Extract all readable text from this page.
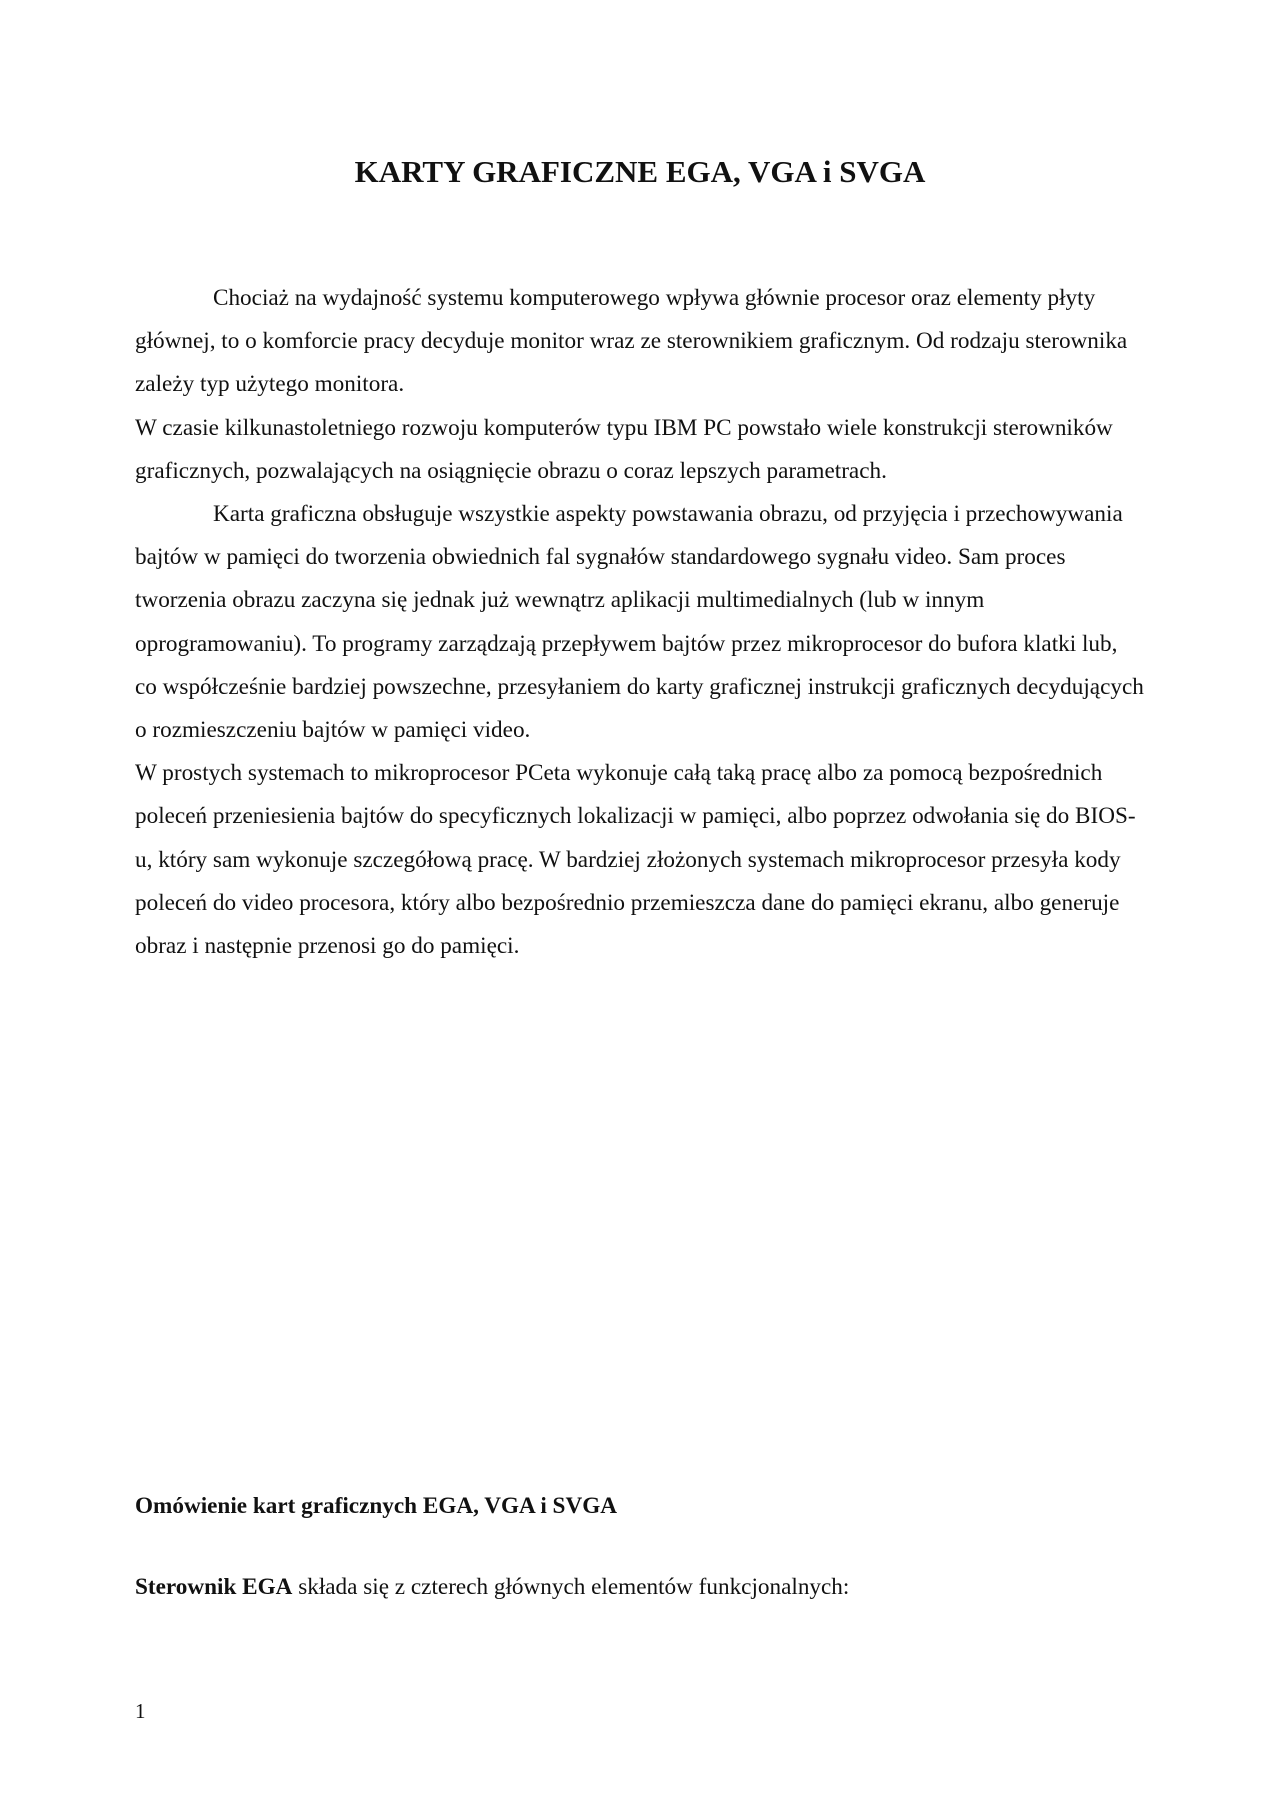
KARTY GRAFICZNE EGA, VGA i SVGA

Chociaż na wydajność systemu komputerowego wpływa głównie procesor oraz elementy płyty głównej, to o komforcie pracy decyduje monitor wraz ze sterownikiem graficznym. Od rodzaju sterownika zależy typ użytego monitora.

W czasie kilkunastoletniego rozwoju komputerów typu IBM PC powstało wiele konstrukcji sterowników graficznych, pozwalających na osiągnięcie obrazu o coraz lepszych parametrach.

Karta graficzna obsługuje wszystkie aspekty powstawania obrazu, od przyjęcia i przechowywania bajtów w pamięci do tworzenia obwiednich fal sygnałów standardowego sygnału video. Sam proces tworzenia obrazu zaczyna się jednak już wewnątrz aplikacji multimedialnych (lub w innym oprogramowaniu). To programy zarządzają przepływem bajtów przez mikroprocesor do bufora klatki lub, co współcześnie bardziej powszechne, przesyłaniem do karty graficznej instrukcji graficznych decydujących o rozmieszczeniu bajtów w pamięci video.

W prostych systemach to mikroprocesor PCeta wykonuje całą taką pracę albo za pomocą bezpośrednich poleceń przeniesienia bajtów do specyficznych lokalizacji w pamięci, albo poprzez odwołania się do BIOS-u, który sam wykonuje szczegółową pracę. W bardziej złożonych systemach mikroprocesor przesyła kody poleceń do video procesora, który albo bezpośrednio przemieszcza dane do pamięci ekranu, albo generuje obraz i następnie przenosi go do pamięci.

Omówienie kart graficznych EGA, VGA i SVGA

Sterownik EGA składa się z czterech głównych elementów funkcjonalnych:

1
